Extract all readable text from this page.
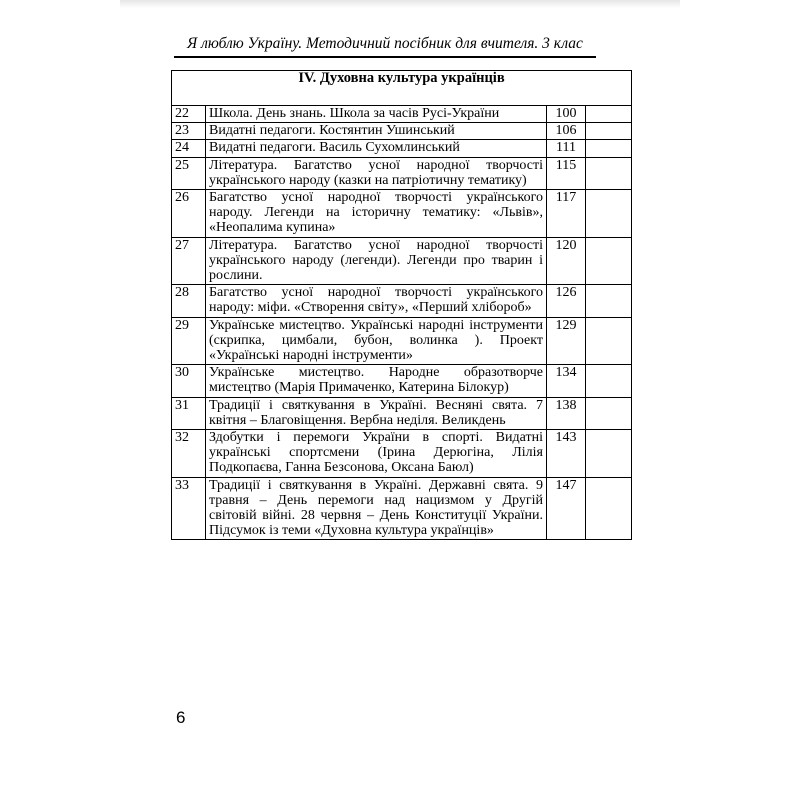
Я люблю Україну. Методичний посібник для вчителя. 3 клас
IV. Духовна культура українців			
22	Школа. День знань. Школа за часів Русі-України	100	
23	Видатні педагоги. Костянтин Ушинський	106	
24	Видатні педагоги. Василь Сухомлинський	111	
25	Література. Багатство усної народної творчості українського народу (казки на патріотичну тематику)	115	
26	Багатство усної народної творчості українського народу. Легенди на історичну тематику: «Львів», «Неопалима купина»	117	
27	Література. Багатство усної народної творчості українського народу (легенди). Легенди про тварин і рослини.	120	
28	Багатство усної народної творчості українського народу: міфи. «Створення світу», «Перший хлібороб»	126	
29	Українське мистецтво. Українські народні інструменти (скрипка, цимбали, бубон, волинка ). Проект «Українські народні інструменти»	129	
30	Українське мистецтво. Народне образотворче мистецтво (Марія Примаченко, Катерина Білокур)	134	
31	Традиції і святкування в Україні. Весняні свята. 7 квітня – Благовіщення. Вербна неділя. Великдень	138	
32	Здобутки і перемоги України в спорті. Видатні українські спортсмени (Ірина Дерюгіна, Лілія Подкопаєва, Ганна Безсонова, Оксана Баюл)	143	
33	Традиції і святкування в Україні. Державні свята. 9 травня – День перемоги над нацизмом у Другій світовій війні. 28 червня – День Конституції України. Підсумок із теми «Духовна культура українців»	147	
6
